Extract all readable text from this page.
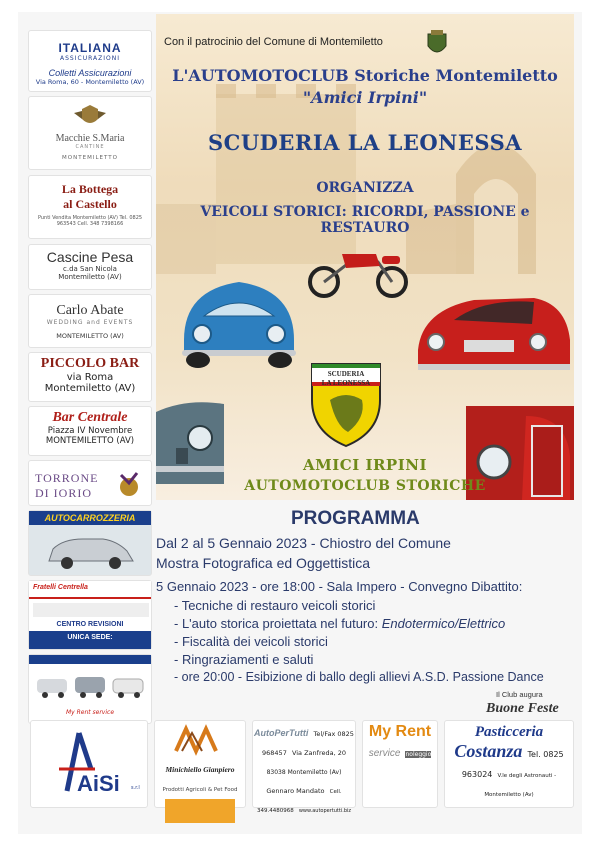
ITALIANA
ASSICURAZIONI
Colletti Assicurazioni
Via Roma, 60 - Montemiletto (AV)
Macchie S.Maria
CANTINE
MONTEMILETTO
La Bottega
al Castello
Punti Vendita Montemiletto (AV) Tel. 0825 963543 Cell. 348 7398166
Cascine Pesa
c.da San Nicola
Montemiletto (AV)
Carlo Abate
WEDDING and EVENTS
MONTEMILETTO (AV)
PICCOLO BAR
via Roma
Montemiletto (AV)
Bar Centrale
Piazza IV Novembre
MONTEMILETTO (AV)
TORRONE
DI IORIO
AUTOCARROZZERIA
Fratelli Centrella
CENTRO REVISIONI
UNICA SEDE:
My Rent service
Con il patrocinio del Comune di Montemiletto
L'AUTOMOTOCLUB Storiche Montemiletto
"Amici Irpini"
SCUDERIA LA LEONESSA
ORGANIZZA
VEICOLI STORICI: RICORDI, PASSIONE e RESTAURO
SCUDERIA
LA LEONESSA
AMICI IRPINI
AUTOMOTOCLUB STORICHE
PROGRAMMA
Dal 2 al 5 Gennaio 2023 - Chiostro del Comune
Mostra Fotografica ed Oggettistica
5 Gennaio 2023 - ore 18:00 - Sala Impero - Convegno Dibattito:
- Tecniche di restauro veicoli storici
- L'auto storica proiettata nel futuro: Endotermico/Elettrico
- Fiscalità dei veicoli storici
- Ringraziamenti e saluti
- ore 20:00 - Esibizione di ballo degli allievi A.S.D. Passione Dance
Il Club augura
Buone Feste
AiSi s.r.l
Minichiello Gianpiero Prodotti Agricoli & Pet Food
AutoPerTutti Tel/Fax 0825 968457 Via Zanfreda, 20 83038 Montemiletto (Av) Gennaro Mandato Cell. 349.4480968 www.autopertutti.biz
My Rent service noleggio
Pasticceria Costanza Tel. 0825 963024 V.le degli Astronauti - Montemiletto (Av)
